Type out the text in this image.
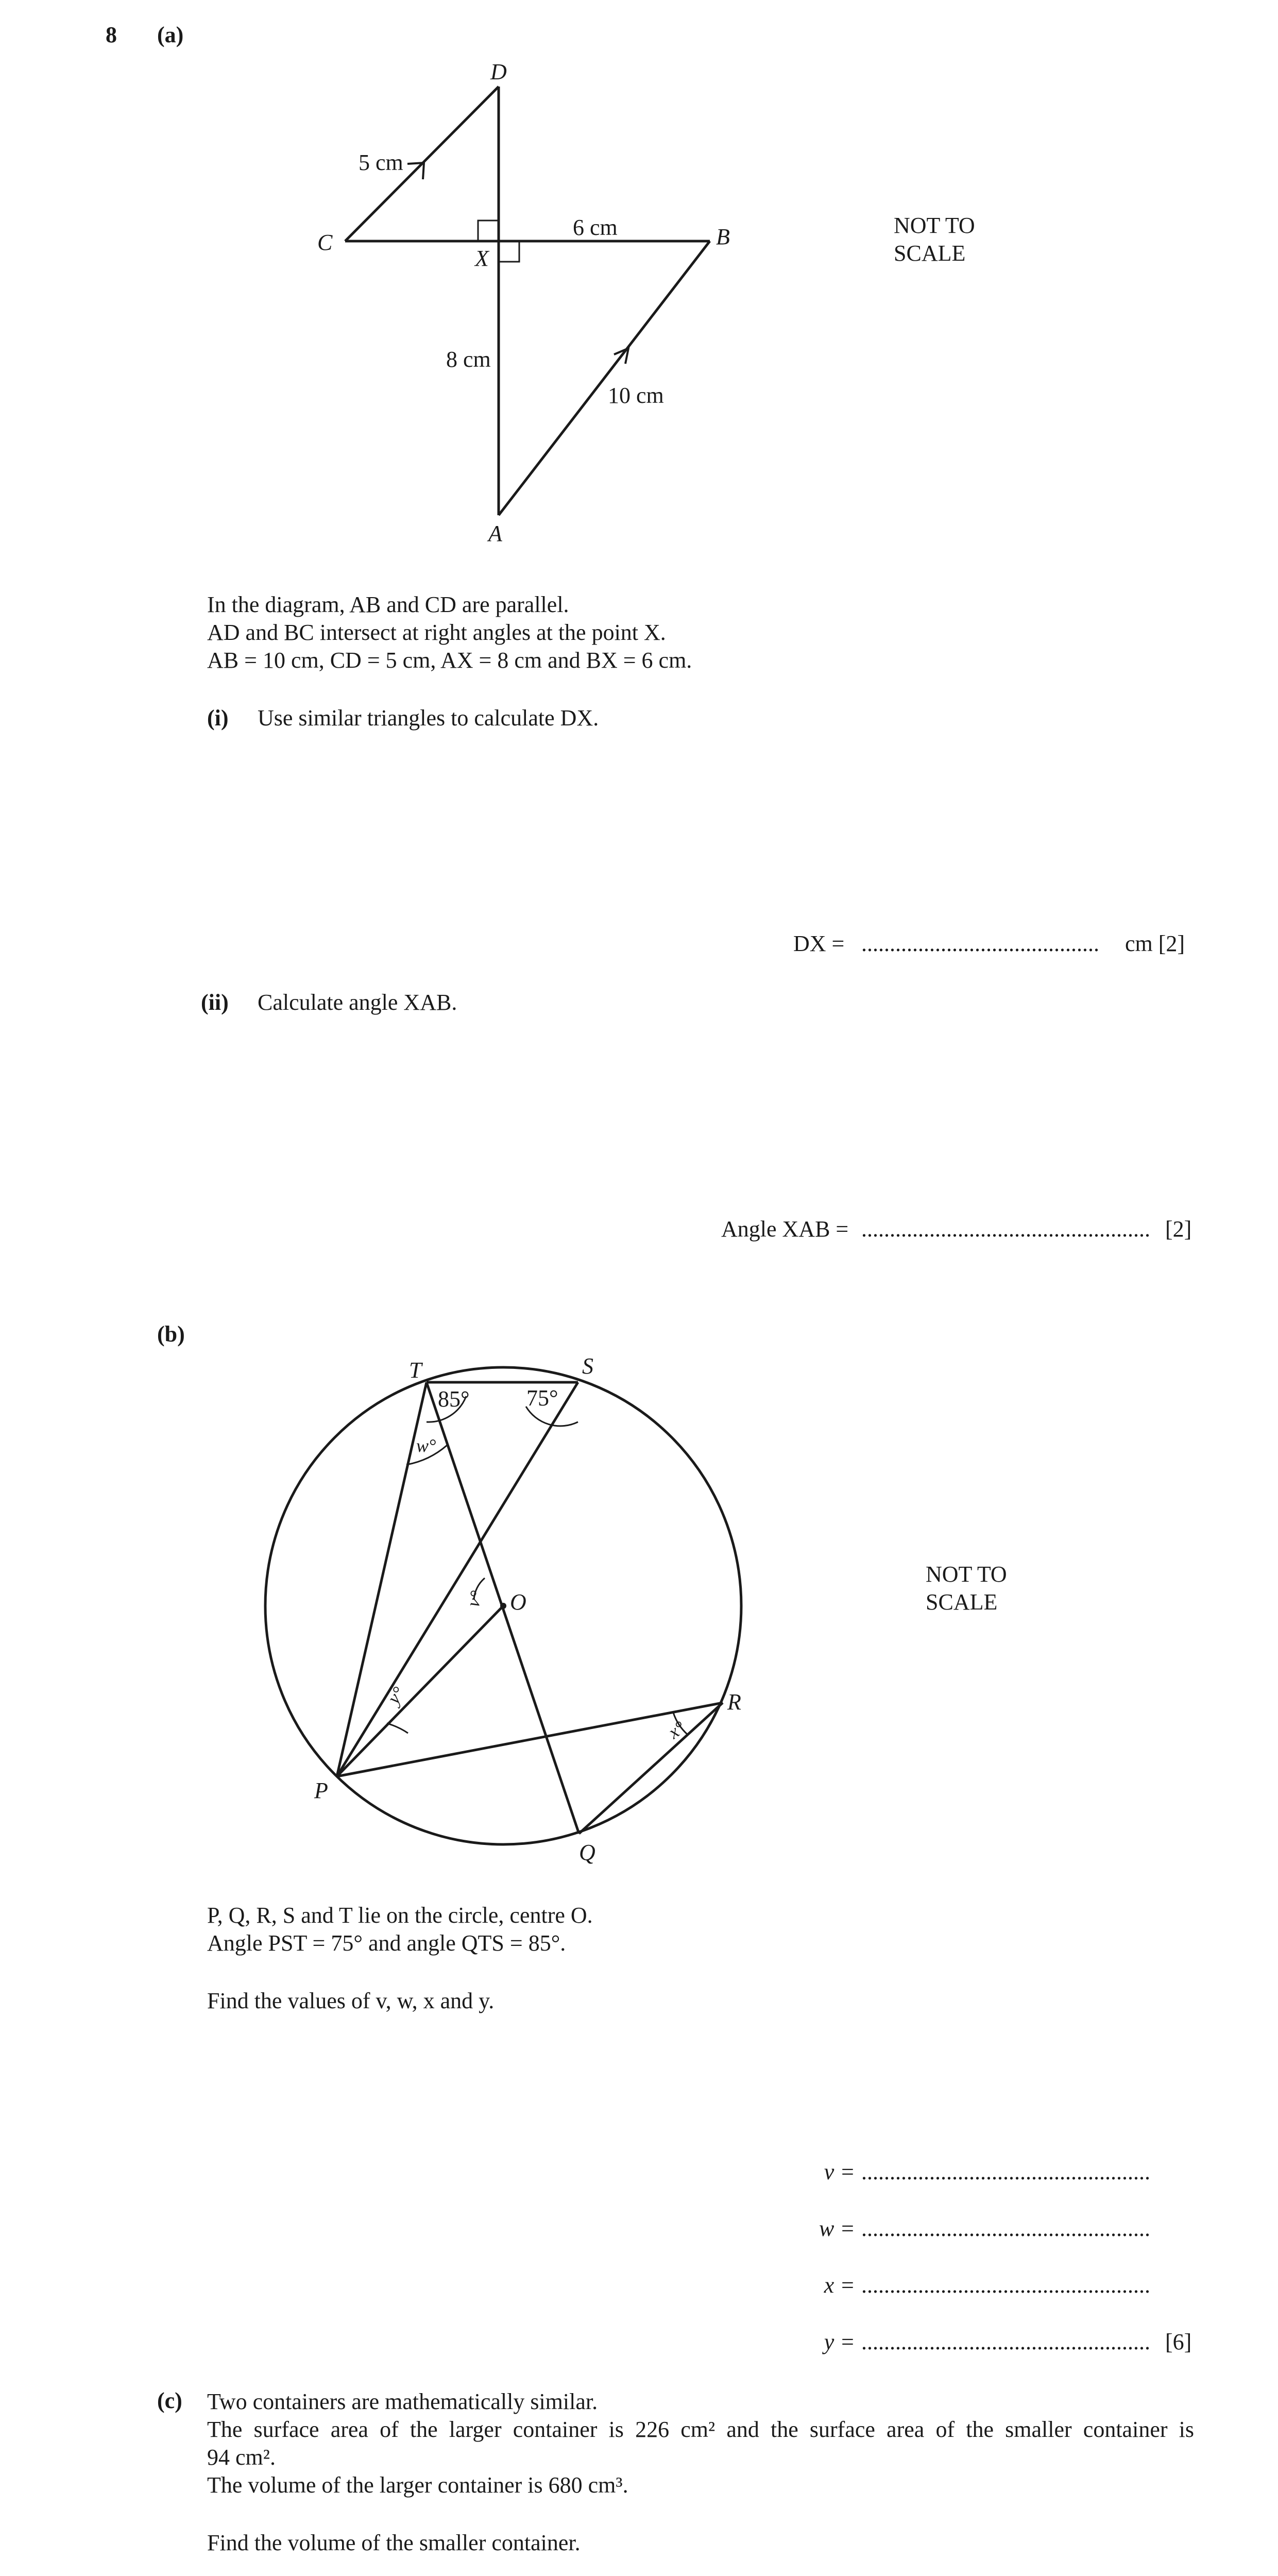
8 (a)
D
C
X
B
A
5 cm
6 cm
8 cm
10 cm
NOT TO
SCALE
In the diagram, AB and CD are parallel.
AD and BC intersect at right angles at the point X.
AB = 10 cm, CD = 5 cm, AX = 8 cm and BX = 6 cm.
(i) Use similar triangles to calculate DX.
DX = ..........................................	cm [2]
(ii) Calculate angle XAB.
Angle XAB = ................................................... [2]
(b)
T	S
O
R
P
Q
85°	75°
w°
v°
y°
x°
NOT TO
SCALE
P, Q, R, S and T lie on the circle, centre O.
Angle PST = 75° and angle QTS = 85°.
Find the values of v, w, x and y.
v = ...................................................
w = ...................................................
x = ...................................................
y = ................................................... [6]
(c) Two containers are mathematically similar.
The surface area of the larger container is 226 cm² and the surface area of the smaller container is
94 cm².
The volume of the larger container is 680 cm³.
Find the volume of the smaller container.
